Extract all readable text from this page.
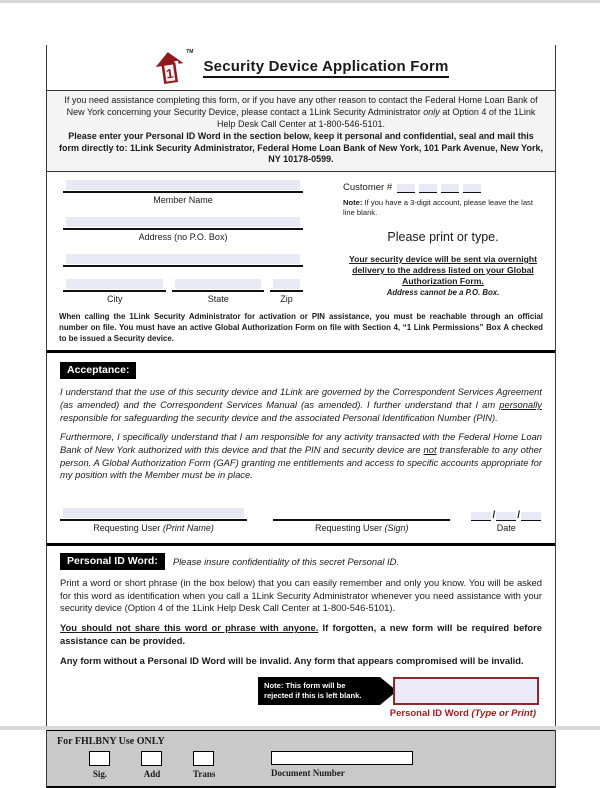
1
TM
Security Device Application Form
If you need assistance completing this form, or if you have any other reason to contact the Federal Home Loan Bank of New York concerning your Security Device, please contact a 1Link Security Administrator only at Option 4 of the 1Link Help Desk Call Center at 1-800-546-5101.
Please enter your Personal ID Word in the section below, keep it personal and confidential, seal and mail this form directly to: 1Link Security Administrator, Federal Home Loan Bank of New York, 101 Park Avenue, New York, NY 10178-0599.
Member Name
Address (no P.O. Box)
City	State	Zip
Customer #
Note: If you have a 3-digit account, please leave the last line blank.
Please print or type.
Your security device will be sent via overnight delivery to the address listed on your Global Authorization Form.
Address cannot be a P.O. Box.
When calling the 1Link Security Administrator for activation or PIN assistance, you must be reachable through an official number on file. You must have an active Global Authorization Form on file with Section 4, “1 Link Permissions” Box A checked to be issued a Security device.
Acceptance:
I understand that the use of this security device and 1Link are governed by the Correspondent Services Agreement (as amended) and the Correspondent Services Manual (as amended). I further understand that I am personally responsible for safeguarding the security device and the associated Personal Identification Number (PIN).
Furthermore, I specifically understand that I am responsible for any activity transacted with the Federal Home Loan Bank of New York authorized with this device and that the PIN and security device are not transferable to any other person. A Global Authorization Form (GAF) granting me entitlements and access to specific accounts appropriate for my position with the Member must be in place.
Requesting User (Print Name)	Requesting User (Sign)
/ /
Date
Personal ID Word:	Please insure confidentiality of this secret Personal ID.
Print a word or short phrase (in the box below) that you can easily remember and only you know. You will be asked for this word as identification when you call a 1Link Security Administrator whenever you need assistance with your security device (Option 4 of the 1Link Help Desk Call Center at 1-800-546-5101).
You should not share this word or phrase with anyone. If forgotten, a new form will be required before assistance can be provided.
Any form without a Personal ID Word will be invalid. Any form that appears compromised will be invalid.
Note: This form will be rejected if this is left blank.
Personal ID Word (Type or Print)
For FHLBNY Use ONLY
Sig.	Add	Trans	Document Number
